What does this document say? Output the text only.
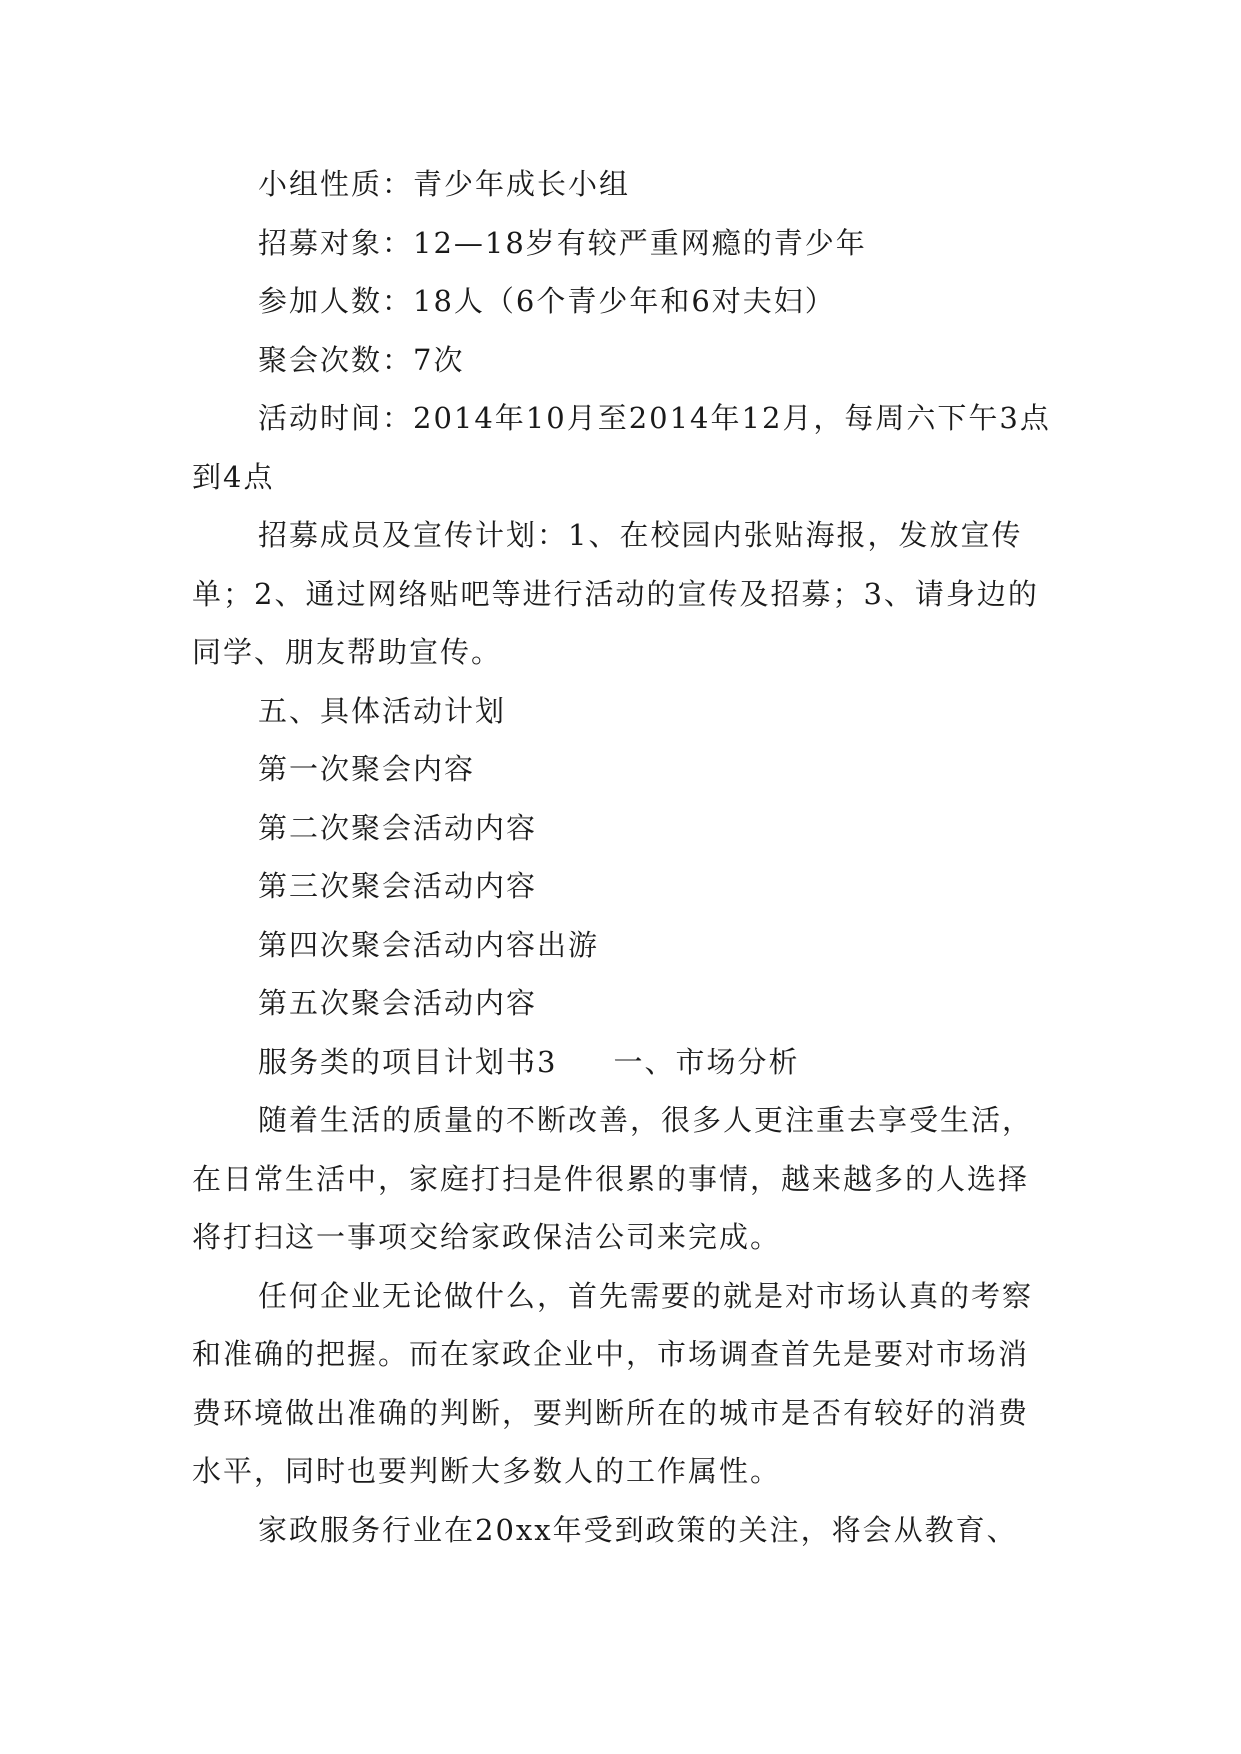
小组性质：青少年成长小组

招募对象：12—18岁有较严重网瘾的青少年

参加人数：18人（6个青少年和6对夫妇）

聚会次数：7次

活动时间：2014年10月至2014年12月，每周六下午3点到4点

招募成员及宣传计划：1、在校园内张贴海报，发放宣传单；2、通过网络贴吧等进行活动的宣传及招募；3、请身边的同学、朋友帮助宣传。

五、具体活动计划

第一次聚会内容

第二次聚会活动内容

第三次聚会活动内容

第四次聚会活动内容出游

第五次聚会活动内容

服务类的项目计划书3 一、市场分析

随着生活的质量的不断改善，很多人更注重去享受生活，在日常生活中，家庭打扫是件很累的事情，越来越多的人选择将打扫这一事项交给家政保洁公司来完成。

任何企业无论做什么，首先需要的就是对市场认真的考察和准确的把握。而在家政企业中，市场调查首先是要对市场消费环境做出准确的判断，要判断所在的城市是否有较好的消费水平，同时也要判断大多数人的工作属性。

家政服务行业在20xx年受到政策的关注，将会从教育、
